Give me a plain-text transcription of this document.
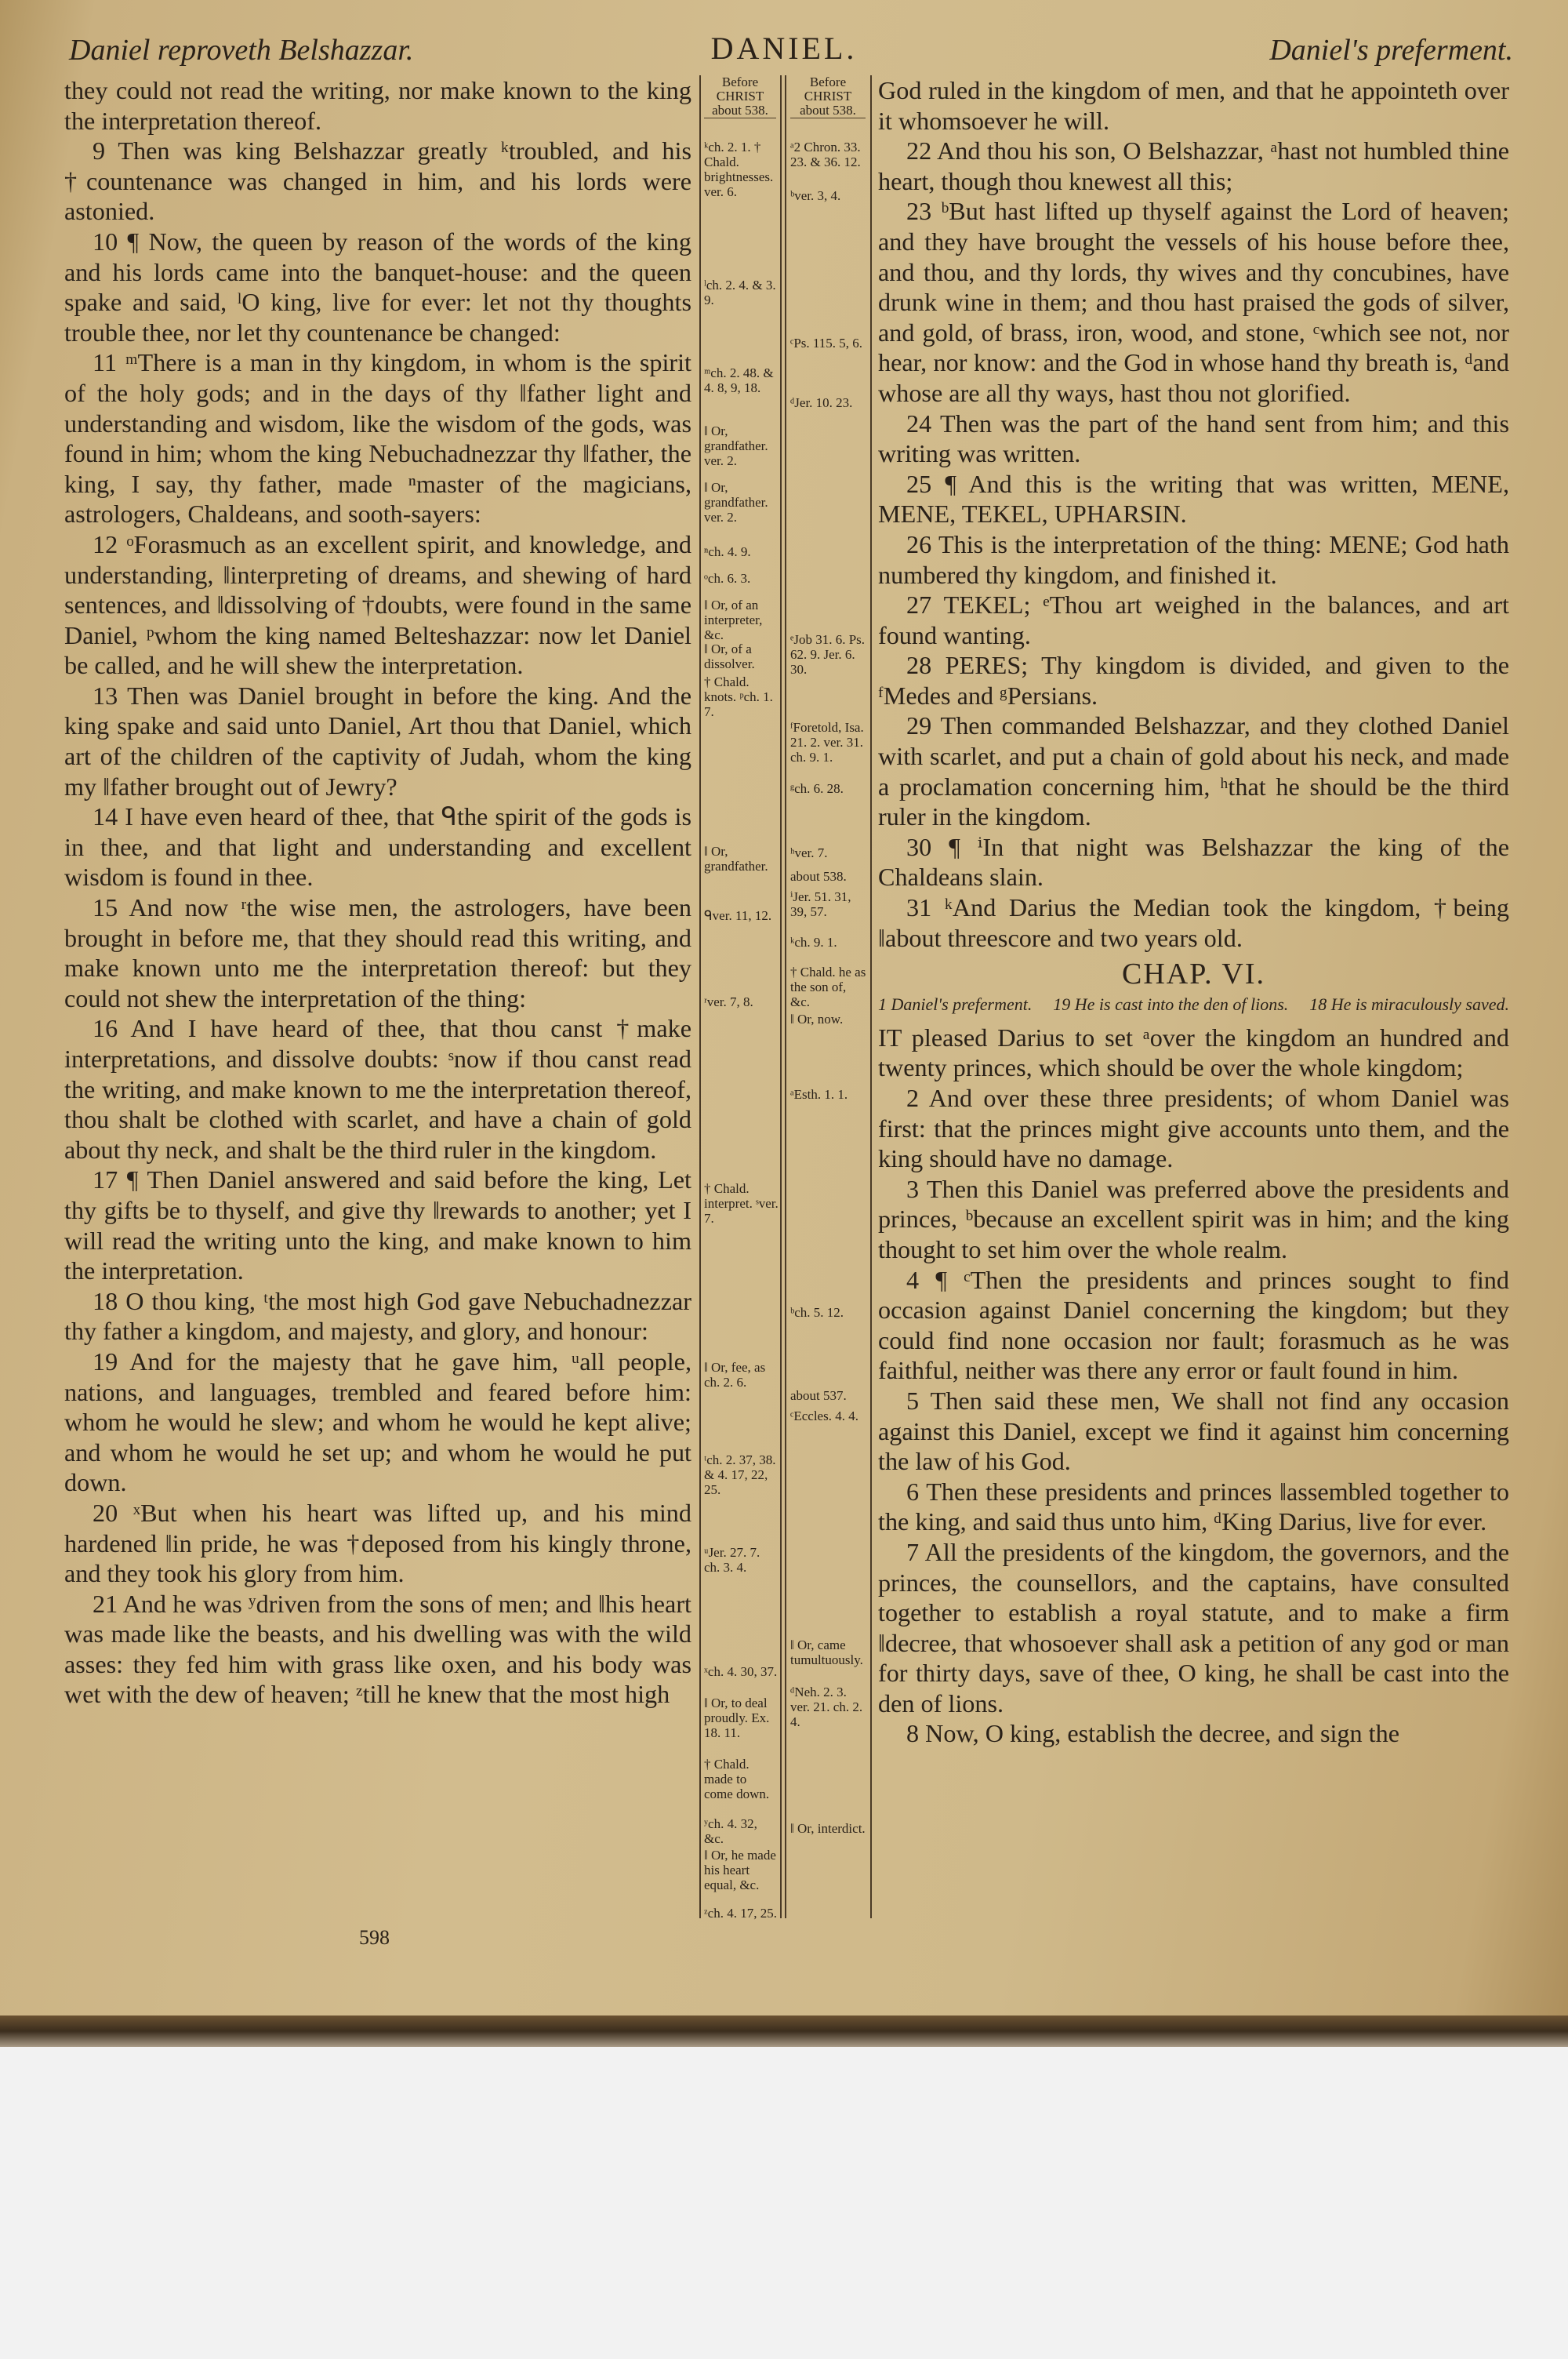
Daniel reproveth Belshazzar.	DANIEL.	Daniel's preferment.
Before CHRIST about 538.
Before CHRIST about 538.

they could not read the writing, nor make known to the king the interpretation thereof.

9 Then was king Belshazzar greatly ᵏtroubled, and his †countenance was changed in him, and his lords were astonied.

10 ¶ Now, the queen by reason of the words of the king and his lords came into the banquet-house: and the queen spake and said, ˡO king, live for ever: let not thy thoughts trouble thee, nor let thy countenance be changed:

11 ᵐThere is a man in thy kingdom, in whom is the spirit of the holy gods; and in the days of thy ‖father light and understanding and wisdom, like the wisdom of the gods, was found in him; whom the king Nebuchadnezzar thy ‖father, the king, I say, thy father, made ⁿmaster of the magicians, astrologers, Chaldeans, and sooth-sayers:

12 ᵒForasmuch as an excellent spirit, and knowledge, and understanding, ‖interpreting of dreams, and shewing of hard sentences, and ‖dissolving of †doubts, were found in the same Daniel, ᵖwhom the king named Belteshazzar: now let Daniel be called, and he will shew the interpretation.

13 Then was Daniel brought in before the king. And the king spake and said unto Daniel, Art thou that Daniel, which art of the children of the captivity of Judah, whom the king my ‖father brought out of Jewry?

14 I have even heard of thee, that ᑫthe spirit of the gods is in thee, and that light and understanding and excellent wisdom is found in thee.

15 And now ʳthe wise men, the astrologers, have been brought in before me, that they should read this writing, and make known unto me the interpretation thereof: but they could not shew the interpretation of the thing:

16 And I have heard of thee, that thou canst †make interpretations, and dissolve doubts: ˢnow if thou canst read the writing, and make known to me the interpretation thereof, thou shalt be clothed with scarlet, and have a chain of gold about thy neck, and shalt be the third ruler in the kingdom.

17 ¶ Then Daniel answered and said before the king, Let thy gifts be to thyself, and give thy ‖rewards to another; yet I will read the writing unto the king, and make known to him the interpretation.

18 O thou king, ᵗthe most high God gave Nebuchadnezzar thy father a kingdom, and majesty, and glory, and honour:

19 And for the majesty that he gave him, ᵘall people, nations, and languages, trembled and feared before him: whom he would he slew; and whom he would he kept alive; and whom he would he set up; and whom he would he put down.

20 ˣBut when his heart was lifted up, and his mind hardened ‖in pride, he was †deposed from his kingly throne, and they took his glory from him.

21 And he was ʸdriven from the sons of men; and ‖his heart was made like the beasts, and his dwelling was with the wild asses: they fed him with grass like oxen, and his body was wet with the dew of heaven; ᶻtill he knew that the most high

ᵏch. 2. 1. † Chald. brightnesses. ver. 6.
ˡch. 2. 4. & 3. 9.
ᵐch. 2. 48. & 4. 8, 9, 18.
‖ Or, grandfather. ver. 2.
‖ Or, grandfather. ver. 2.
ⁿch. 4. 9.
ᵒch. 6. 3.
‖ Or, of an interpreter, &c.
‖ Or, of a dissolver.
† Chald. knots. ᵖch. 1. 7.
‖ Or, grandfather.
ᑫver. 11, 12.
ʳver. 7, 8.
† Chald. interpret. ˢver. 7.
‖ Or, fee, as ch. 2. 6.
ᵗch. 2. 37, 38. & 4. 17, 22, 25.
ᵘJer. 27. 7. ch. 3. 4.
ˣch. 4. 30, 37.
‖ Or, to deal proudly. Ex. 18. 11.
† Chald. made to come down.
ʸch. 4. 32, &c.
‖ Or, he made his heart equal, &c.
ᶻch. 4. 17, 25.
ᵃ2 Chron. 33. 23. & 36. 12.
ᵇver. 3, 4.
ᶜPs. 115. 5, 6.
ᵈJer. 10. 23.
ᵉJob 31. 6. Ps. 62. 9. Jer. 6. 30.
ᶠForetold, Isa. 21. 2. ver. 31. ch. 9. 1.
ᵍch. 6. 28.
ʰver. 7.
about 538.
ⁱJer. 51. 31, 39, 57.
ᵏch. 9. 1.
† Chald. he as the son of, &c.
‖ Or, now.
ᵃEsth. 1. 1.
ᵇch. 5. 12.
about 537.
ᶜEccles. 4. 4.
‖ Or, came tumultuously.
ᵈNeh. 2. 3. ver. 21. ch. 2. 4.
‖ Or, interdict.

God ruled in the kingdom of men, and that he appointeth over it whomsoever he will.

22 And thou his son, O Belshazzar, ᵃhast not humbled thine heart, though thou knewest all this;

23 ᵇBut hast lifted up thyself against the Lord of heaven; and they have brought the vessels of his house before thee, and thou, and thy lords, thy wives and thy concubines, have drunk wine in them; and thou hast praised the gods of silver, and gold, of brass, iron, wood, and stone, ᶜwhich see not, nor hear, nor know: and the God in whose hand thy breath is, ᵈand whose are all thy ways, hast thou not glorified.

24 Then was the part of the hand sent from him; and this writing was written.

25 ¶ And this is the writing that was written, MENE, MENE, TEKEL, UPHARSIN.

26 This is the interpretation of the thing: MENE; God hath numbered thy kingdom, and finished it.

27 TEKEL; ᵉThou art weighed in the balances, and art found wanting.

28 PERES; Thy kingdom is divided, and given to the ᶠMedes and ᵍPersians.

29 Then commanded Belshazzar, and they clothed Daniel with scarlet, and put a chain of gold about his neck, and made a proclamation concerning him, ʰthat he should be the third ruler in the kingdom.

30 ¶ ⁱIn that night was Belshazzar the king of the Chaldeans slain.

31 ᵏAnd Darius the Median took the kingdom, †being ‖about threescore and two years old.

CHAP. VI.
1 Daniel's preferment. 19 He is cast into the den of lions. 18 He is miraculously saved.

IT pleased Darius to set ᵃover the kingdom an hundred and twenty princes, which should be over the whole kingdom;

2 And over these three presidents; of whom Daniel was first: that the princes might give accounts unto them, and the king should have no damage.

3 Then this Daniel was preferred above the presidents and princes, ᵇbecause an excellent spirit was in him; and the king thought to set him over the whole realm.

4 ¶ ᶜThen the presidents and princes sought to find occasion against Daniel concerning the kingdom; but they could find none occasion nor fault; forasmuch as he was faithful, neither was there any error or fault found in him.

5 Then said these men, We shall not find any occasion against this Daniel, except we find it against him concerning the law of his God.

6 Then these presidents and princes ‖assembled together to the king, and said thus unto him, ᵈKing Darius, live for ever.

7 All the presidents of the kingdom, the governors, and the princes, the counsellors, and the captains, have consulted together to establish a royal statute, and to make a firm ‖decree, that whosoever shall ask a petition of any god or man for thirty days, save of thee, O king, he shall be cast into the den of lions.

8 Now, O king, establish the decree, and sign the

598
